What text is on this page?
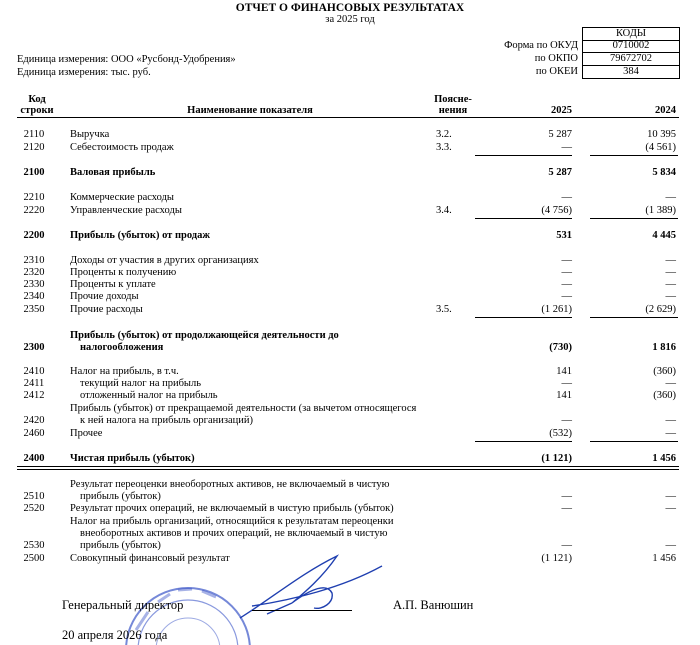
ОТЧЕТ О ФИНАНСОВЫХ РЕЗУЛЬТАТАХ
за 2025 год
КОДЫ
Форма по ОКУД	0710002
по ОКПО	79672702
по ОКЕИ	384
Единица измерения: ООО «Русбонд-Удобрения»
Единица измерения: тыс. руб.
Код
строки	Наименование показателя
Поясне-
нения	2025	2024
2110	Выручка	3.2.	5 287	10 395
2120	Себестоимость продаж	3.3.	—	(4 561)
2100	Валовая прибыль	5 287	5 834
2210	Коммерческие расходы	—	—
2220	Управленческие расходы	3.4.	(4 756)	(1 389)
2200	Прибыль (убыток) от продаж	531	4 445
2310	Доходы от участия в других организациях	—	—
2320	Проценты к получению	—	—
2330	Проценты к уплате	—	—
2340	Прочие доходы	—	—
2350	Прочие расходы	3.5.	(1 261)	(2 629)
Прибыль (убыток) от продолжающейся деятельности до
2300	налогообложения	(730)	1 816
2410	Налог на прибыль, в т.ч.	141	(360)
2411	текущий налог на прибыль	—	—
2412	отложенный налог на прибыль	141	(360)
Прибыль (убыток) от прекращаемой деятельности (за вычетом относящегося
2420	к ней налога на прибыль организаций)	—	—
2460	Прочее	(532)	—
2400	Чистая прибыль (убыток)	(1 121)	1 456
Результат переоценки внеоборотных активов, не включаемый в чистую
2510	прибыль (убыток)	—	—
2520	Результат прочих операций, не включаемый в чистую прибыль (убыток)	—	—
Налог на прибыль организаций, относящийся к результатам переоценки
внеоборотных активов и прочих операций, не включаемый в чистую
2530	прибыль (убыток)	—	—
2500	Совокупный финансовый результат	(1 121)	1 456
Генеральный директор	А.П. Ванюшин
20 апреля 2026 года
